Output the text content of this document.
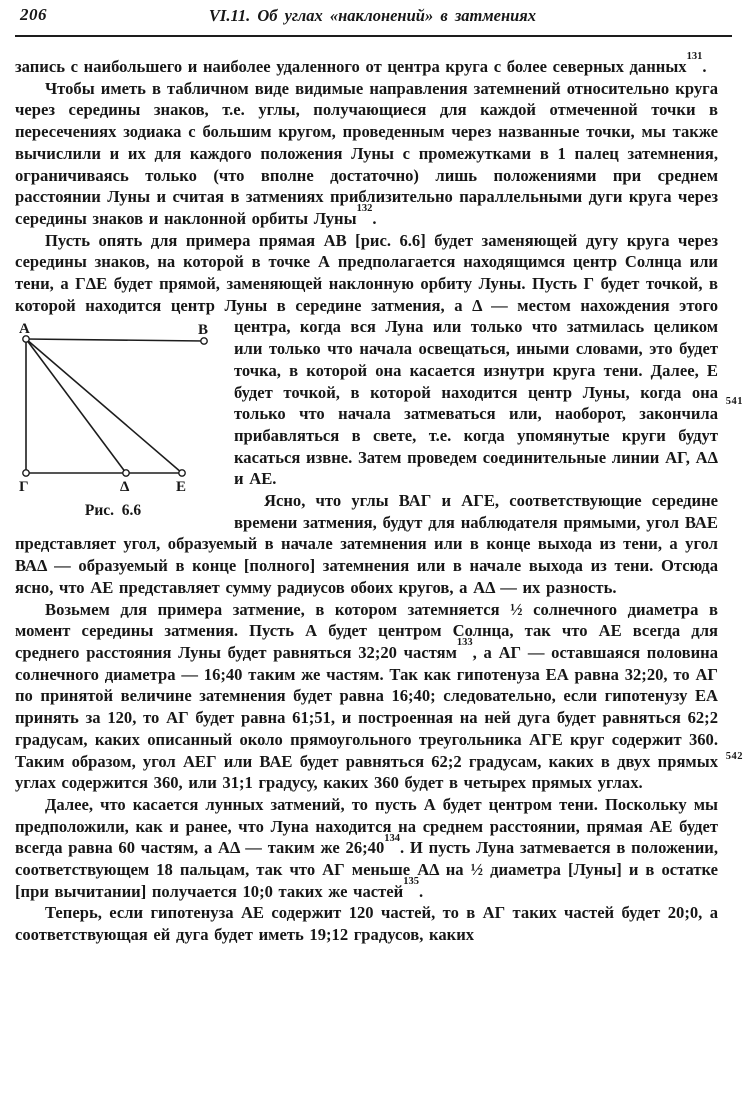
206	VI.11. Об углах «наклонений» в затмениях
541
542

запись с наибольшего и наиболее удаленного от центра круга с более северных данных$^{131}$.

Чтобы иметь в табличном виде видимые направления затемнений относительно круга через середины знаков, т.е. углы, получающиеся для каждой отмеченной точки в пересечениях зодиака с большим кругом, проведенным через названные точки, мы также вычислили и их для каждого положения Луны с промежутками в 1 палец затемнения, ограничиваясь только (что вполне достаточно) лишь положениями при среднем расстоянии Луны и считая в затмениях приблизительно параллельными дуги круга через середины знаков и наклонной орбиты Луны$^{132}$.

Пусть опять для примера прямая АВ [рис. 6.6] будет заменяющей дугу круга через середины знаков, на которой в точке А предполагается находящимся центр Солнца или тени, а ГΔЕ будет прямой, заменяющей наклонную орбиту Луны. Пусть Г будет точкой, в которой находится центр Луны в середине затмения, а Δ — местом нахождения этого центра, когда
А	В
Г	Δ	Е
Рис.  6.6
вся Луна или только что затмилась целиком или только что начала освещаться, иными словами, это будет точка, в которой она касается изнутри круга тени. Далее, Е будет точкой, в которой находится центр Луны, когда она только что начала затмеваться или, наоборот, закончила прибавляться в свете, т.е. когда упомянутые круги будут касаться извне. Затем проведем соединительные линии АГ, АΔ и АЕ.

Ясно, что углы ВАГ и АГЕ, соответствующие середине времени затмения, будут для наблюдателя прямыми, угол ВАЕ представляет угол, образуемый в начале затемнения или в конце выхода из тени, а угол ВАΔ — образуемый в конце [полного] затемнения или в начале выхода из тени. Отсюда ясно, что АЕ представляет сумму радиусов обоих кругов, а АΔ — их разность.

Возьмем для примера затмение, в котором затемняется ½ солнечного диаметра в момент середины затмения. Пусть А будет центром Солнца, так что АЕ всегда для среднего расстояния Луны будет равняться 32;20 частям$^{133}$, а АГ — оставшаяся половина солнечного диаметра — 16;40 таким же частям. Так как гипотенуза ЕА равна 32;20, то АГ по принятой величине затемнения будет равна 16;40; следовательно, если гипотенузу ЕА принять за 120, то АГ будет равна 61;51, и построенная на ней дуга будет равняться 62;2 градусам, каких описанный около прямоугольного треугольника АГЕ круг содержит 360. Таким образом, угол АЕГ или ВАЕ будет равняться 62;2 градусам, каких в двух прямых углах содержится 360, или 31;1 градусу, каких 360 будет в четырех прямых углах.

Далее, что касается лунных затмений, то пусть А будет центром тени. Поскольку мы предположили, как и ранее, что Луна находится на среднем расстоянии, прямая АЕ будет всегда равна 60 частям, а АΔ — таким же 26;40$^{134}$. И пусть Луна затмевается в положении, соответствующем 18 пальцам, так что АГ меньше АΔ на ½ диаметра [Луны] и в остатке [при вычитании] получается 10;0 таких же частей$^{135}$.

Теперь, если гипотенуза АЕ содержит 120 частей, то в АГ таких частей будет 20;0, а соответствующая ей дуга будет иметь 19;12 градусов, каких
